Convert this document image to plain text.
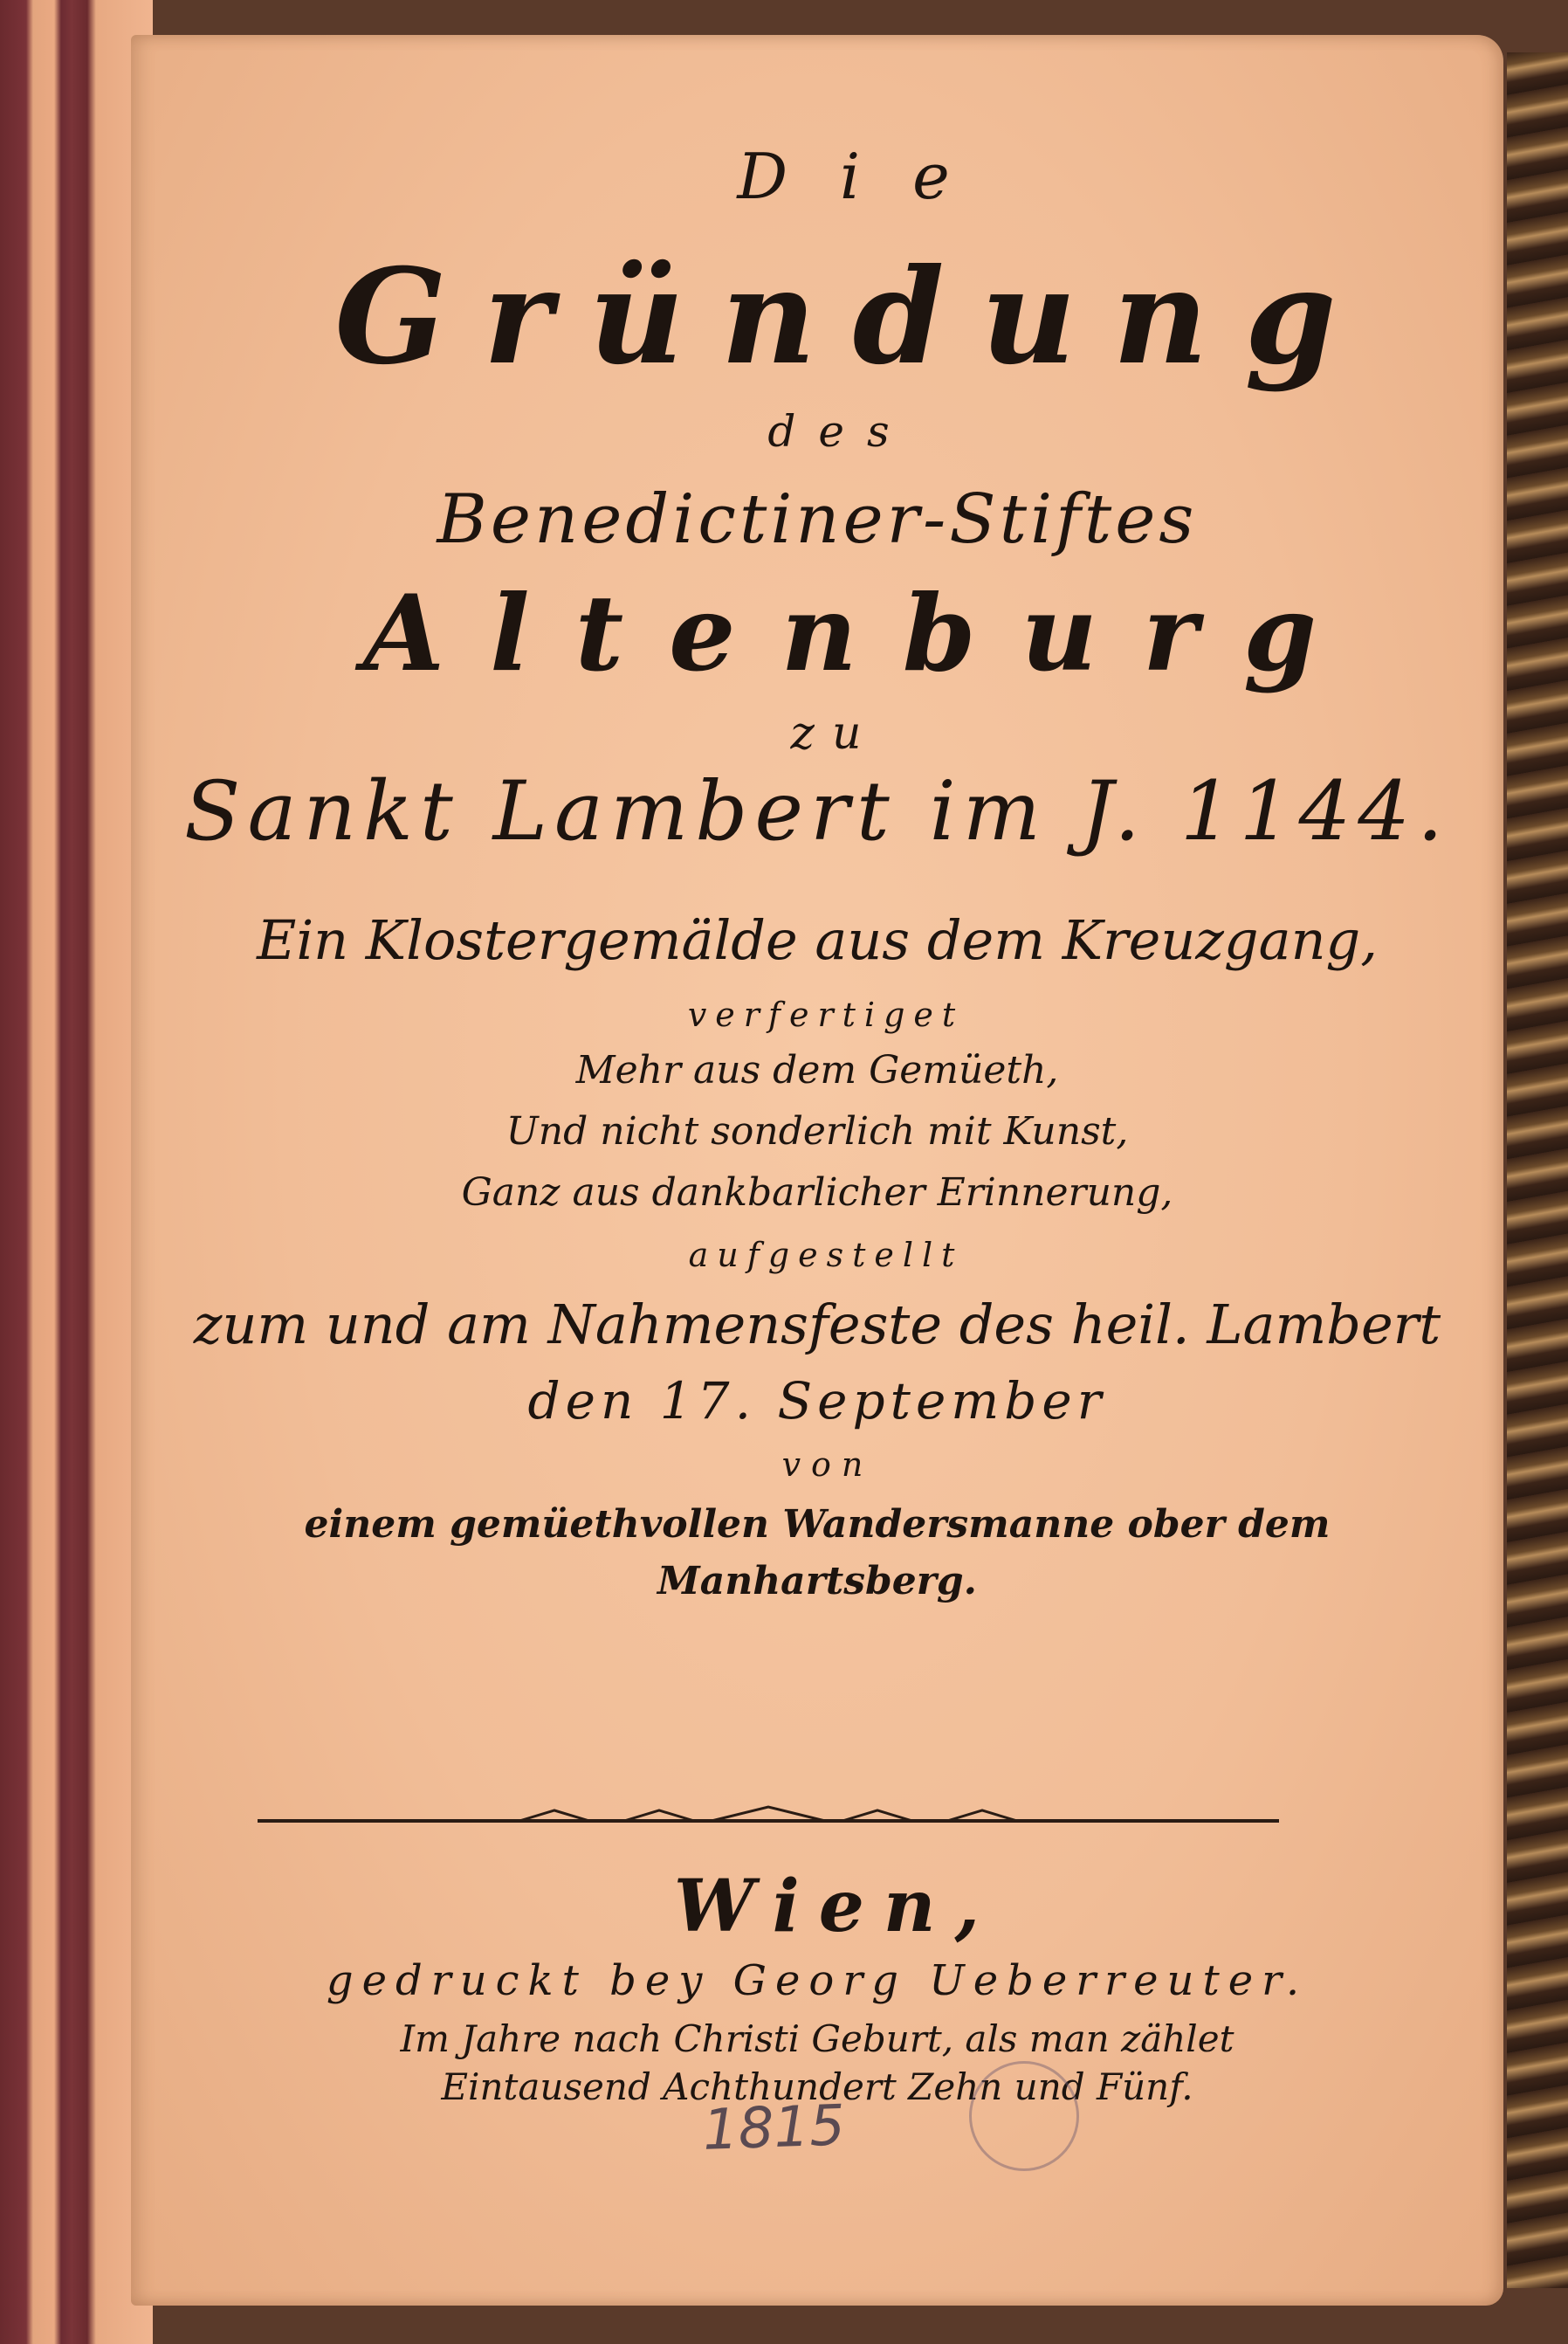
Die
Gründung
des
Benedictiner-Stiftes
Altenburg
zu
Sankt Lambert im J. 1144.
Ein Klostergemälde aus dem Kreuzgang,
verfertiget
Mehr aus dem Gemüeth,
Und nicht sonderlich mit Kunst,
Ganz aus dankbarlicher Erinnerung,
aufgestellt
zum und am Nahmensfeste des heil. Lambert
den 17. September
von
einem gemüethvollen Wandersmanne ober dem
Manhartsberg.
Wien,
gedruckt bey Georg Ueberreuter.
Im Jahre nach Christi Geburt, als man zählet
Eintausend Achthundert Zehn und Fünf.
1815
